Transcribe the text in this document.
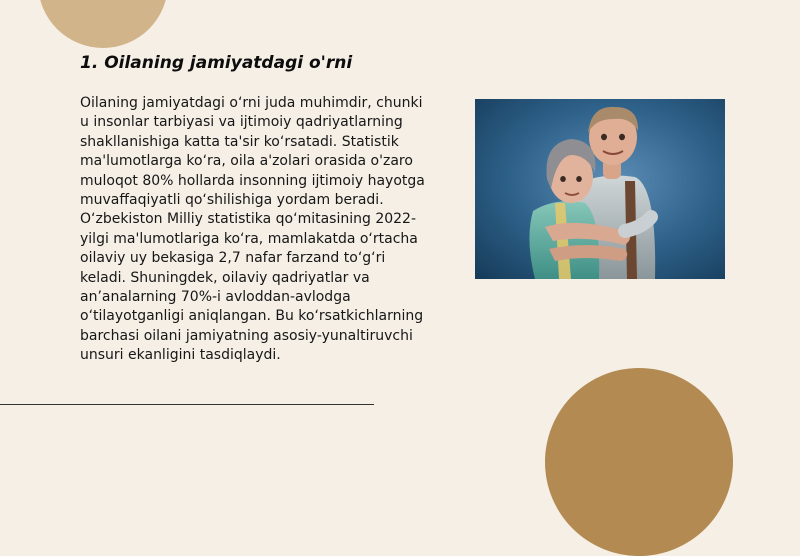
1. Oilaning jamiyatdagi o'rni

Oilaning jamiyatdagi o‘rni juda muhimdir, chunki u insonlar tarbiyasi va ijtimoiy qadriyatlarning shakllanishiga katta ta'sir ko‘rsatadi. Statistik ma'lumotlarga ko‘ra, oila a'zolari orasida o'zaro muloqot 80% hollarda insonning ijtimoiy hayotga muvaffaqiyatli qo‘shilishiga yordam beradi. O‘zbekiston Milliy statistika qo‘mitasining 2022-yilgi ma'lumotlariga ko‘ra, mamlakatda o‘rtacha oilaviy uy bekasiga 2,7 nafar farzand to‘g‘ri keladi. Shuningdek, oilaviy qadriyatlar va an’analarning 70%-i avloddan-avlodga o‘tilayotganligi aniqlangan. Bu ko‘rsatkichlarning barchasi oilani jamiyatning asosiy-yunaltiruvchi unsuri ekanligini tasdiqlaydi.
